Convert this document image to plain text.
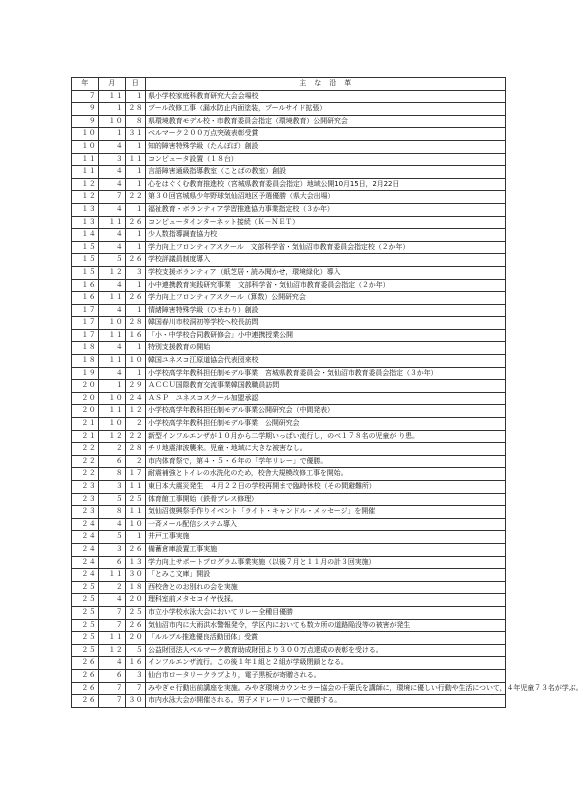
年	月	日	主　な　沿　革
７	１１	１	県小学校家庭科教育研究大会会場校
９	１	２８	プール改修工事（漏水防止内面塗装，プールサイド拡張）
９	１０	８	県環境教育モデル校・市教育委員会指定（環境教育）公開研究会
１０	１	３１	ベルマーク２００万点突破表彰受賞
１０	４	１	知的障害特殊学級（たんぽぽ）創設
１１	３	１１	コンピュータ設置（１８台）
１１	４	１	言語障害通級指導教室（ことばの教室）創設
１２	４	１	心をはぐくむ教育推進校（宮城県教育委員会指定）地域公開10月15日，2月22日
１２	７	２２	第３０回宮城県少年野球気仙沼地区予選優勝（県大会出場）
１３	４	１	福祉教育・ボランティア学習推進協力事業指定校（３か年）
１３	１１	２６	コンピュータインターネット接続（Ｋ－ＮＥＴ）
１４	４	１	少人数指導調査協力校
１５	４	１	学力向上フロンティアスクール　文部科学省・気仙沼市教育委員会指定校（２か年）
１５	５	２６	学校評議員制度導入
１５	１２	３	学校支援ボランティア（紙芝居・読み聞かせ，環境緑化）導入
１６	４	１	小中連携教育実践研究事業　文部科学省・気仙沼市教育委員会指定（２か年）
１６	１１	２６	学力向上フロンティアスクール（算数）公開研究会
１７	４	１	情緒障害特殊学級（ひまわり）創設
１７	１０	２８	韓国春川市校洞初等学校へ校長訪問
１７	１１	１６	「小・中学校合同教研修会」小中連携授業公開
１８	４	１	特別支援教育の開始
１８	１１	１０	韓国ユネスコ江原道協会代表団来校
１９	４	１	小学校高学年教科担任制モデル事業　宮城県教育委員会・気仙沼市教育委員会指定（３か年）
２０	１	２９	ＡＣＣＵ国際教育交流事業韓国教職員訪問
２０	１０	２４	ＡＳＰ　ユネスコスクール加盟承認
２０	１１	１２	小学校高学年教科担任制モデル事業公開研究会（中間発表）
２１	１０	２	小学校高学年教科担任制モデル事業　公開研究会
２１	１２	２２	新型インフルエンザが１０月から二学期いっぱい流行し，のべ１７８名の児童が り患。
２２	２	２８	チリ地震津波襲来。児童・地域に大きな被害なし。
２２	６	２	市内体育祭で，第４・５・６年の「学年リレー」で優勝。
２２	８	１７	耐震補強とトイレの水洗化のため，校舎大規模改修工事を開始。
２３	３	１１	東日本大震災発生　４月２２日の学校再開まで臨時休校（その間避難所）
２３	５	２５	体育館工事開始（鉄骨ブレス修理）
２３	８	１１	気仙沼復興祭手作りイベント「ライト・キャンドル・メッセージ」を開催
２４	４	１０	一斉メール配信システム導入
２４	５	１	井戸工事実施
２４	３	２６	備蓄倉庫設置工事実施
２４	６	１３	学力向上サポートプログラム事業実施（以後７月と１１月の計３回実施）
２４	１１	３０	「とみこ文庫」開設
２５	２	１８	西校舎とのお別れの会を実施
２５	４	２０	理科室前メタセコイヤ伐採。
２５	７	２５	市立小学校水泳大会においてリレー全種目優勝
２５	７	２６	気仙沼市内に大雨洪水警報発令，学区内においても数カ所の道路陥没等の被害が発生
２５	１１	２０	「ルルブル推進優良活動団体」受賞
２５	１２	５	公益財団法人ベルマーク教育助成財団より３００万点達成の表彰を受ける。
２６	４	１６	インフルエンザ流行。この後１年１組と２組が学級閉鎖となる。
２６	６	３	仙台市ロータリークラブより，電子黒板が寄贈される。
２６	７	７	みやぎｅ行動出前講座を実施。みやぎ環境カウンセラー協会の千葉氏を講師に，環境に優しい行動や生活について，４年児童７３名が学ぶ。
２６	７	３０	市内水泳大会が開催される。男子メドレーリレーで優勝する。
